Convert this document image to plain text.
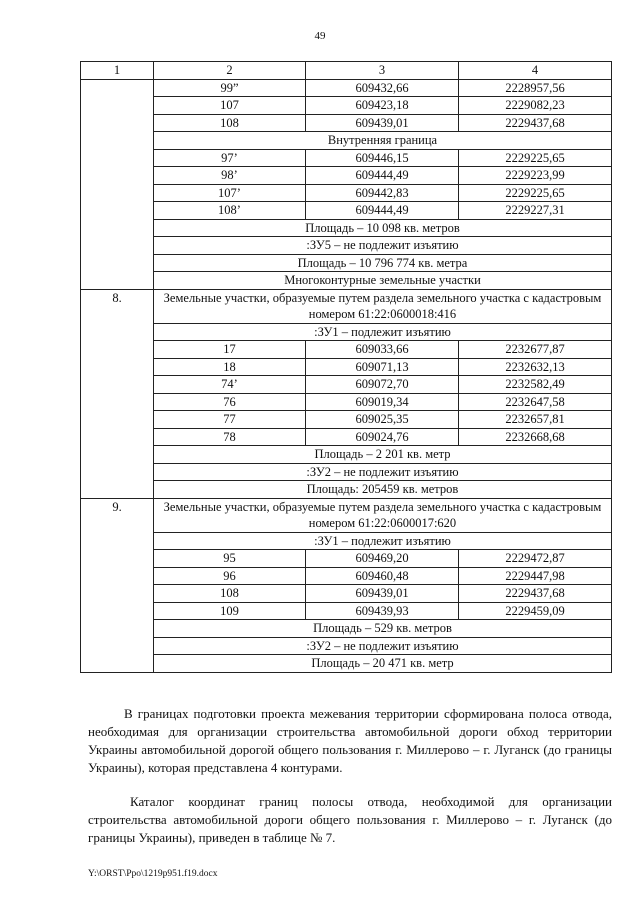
49
1	2	3	4
	99”	609432,66	2228957,56
	107	609423,18	2229082,23
	108	609439,01	2229437,68
	Внутренняя граница		
	97’	609446,15	2229225,65
	98’	609444,49	2229223,99
	107’	609442,83	2229225,65
	108’	609444,49	2229227,31
	Площадь – 10 098 кв. метров		
	:ЗУ5 – не подлежит изъятию		
	Площадь – 10 796 774 кв. метра		
	Многоконтурные земельные участки		
8.	Земельные участки, образуемые путем раздела земельного участка с кадастровым номером 61:22:0600018:416		
	:ЗУ1 – подлежит изъятию		
	17	609033,66	2232677,87
	18	609071,13	2232632,13
	74’	609072,70	2232582,49
	76	609019,34	2232647,58
	77	609025,35	2232657,81
	78	609024,76	2232668,68
	Площадь – 2 201 кв. метр		
	:ЗУ2 – не подлежит изъятию		
	Площадь: 205459 кв. метров		
9.	Земельные участки, образуемые путем раздела земельного участка с кадастровым номером 61:22:0600017:620		
	:ЗУ1 – подлежит изъятию		
	95	609469,20	2229472,87
	96	609460,48	2229447,98
	108	609439,01	2229437,68
	109	609439,93	2229459,09
	Площадь – 529 кв. метров		
	:ЗУ2 – не подлежит изъятию		
	Площадь – 20 471 кв. метр		
В границах подготовки проекта межевания территории сформирована полоса отвода, необходимая для организации строительства автомобильной дороги обход территории Украины автомобильной дорогой общего пользования г. Миллерово – г. Луганск (до границы Украины), которая представлена 4 контурами.
Каталог координат границ полосы отвода, необходимой для организации строительства автомобильной дороги общего пользования г. Миллерово – г. Луганск (до границы Украины), приведен в таблице № 7.
Y:\ORST\Ppo\1219p951.f19.docx
